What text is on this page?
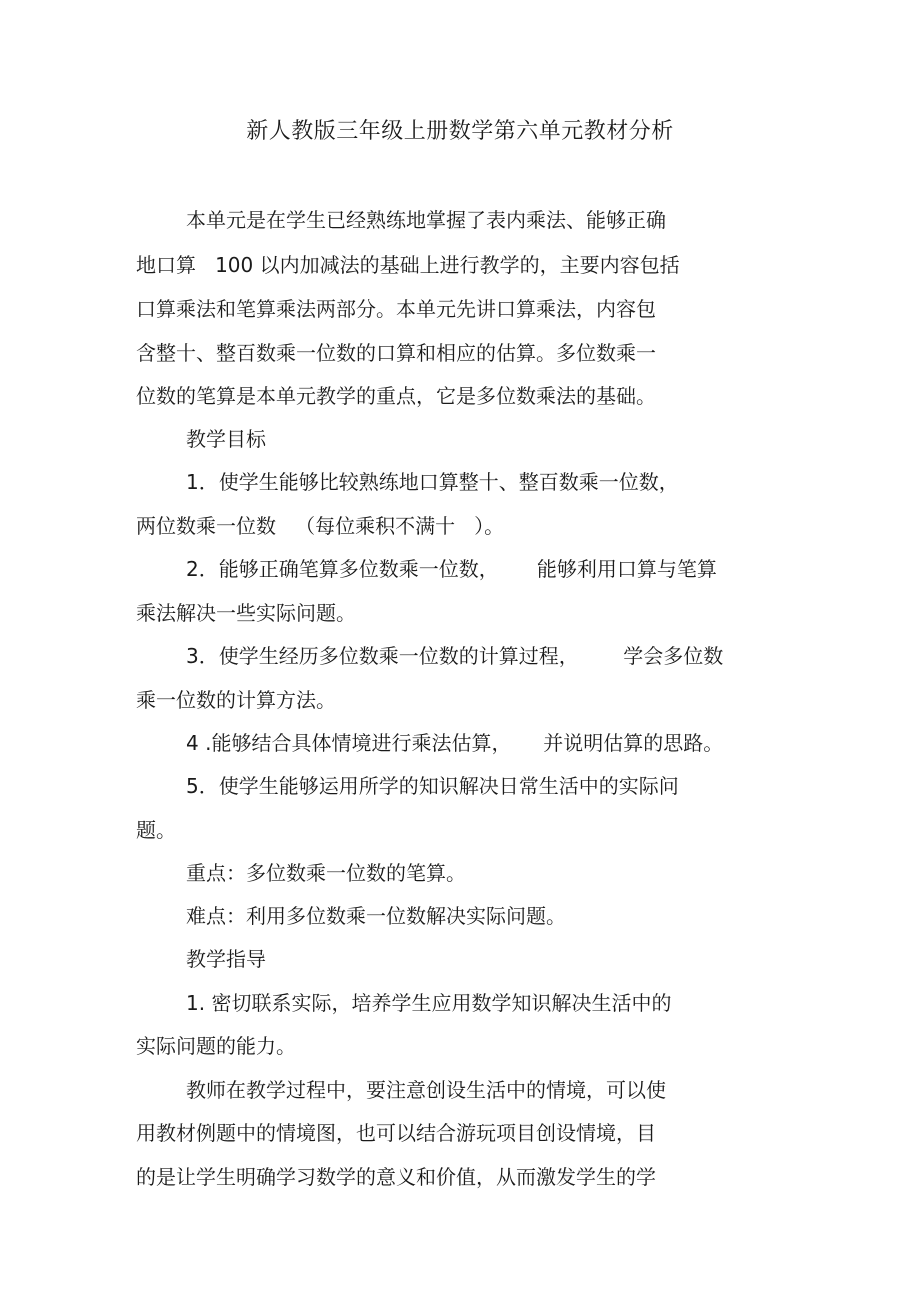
新人教版三年级上册数学第六单元教材分析
本单元是在学生已经熟练地掌握了表内乘法、能够正确
地口算   100 以内加减法的基础上进行教学的，主要内容包括
口算乘法和笔算乘法两部分。本单元先讲口算乘法，内容包
含整十、整百数乘一位数的口算和相应的估算。多位数乘一
位数的笔算是本单元教学的重点，它是多位数乘法的基础。
教学目标
1．使学生能够比较熟练地口算整十、整百数乘一位数，
两位数乘一位数   （每位乘积不满十   ）。
2．能够正确笔算多位数乘一位数，      能够利用口算与笔算
乘法解决一些实际问题。
3．使学生经历多位数乘一位数的计算过程，       学会多位数
乘一位数的计算方法。
4 .能够结合具体情境进行乘法估算，     并说明估算的思路。
5．使学生能够运用所学的知识解决日常生活中的实际问
题。
重点：多位数乘一位数的笔算。
难点：利用多位数乘一位数解决实际问题。
教学指导
1. 密切联系实际，培养学生应用数学知识解决生活中的
实际问题的能力。
教师在教学过程中，要注意创设生活中的情境，可以使
用教材例题中的情境图，也可以结合游玩项目创设情境，目
的是让学生明确学习数学的意义和价值，从而激发学生的学
